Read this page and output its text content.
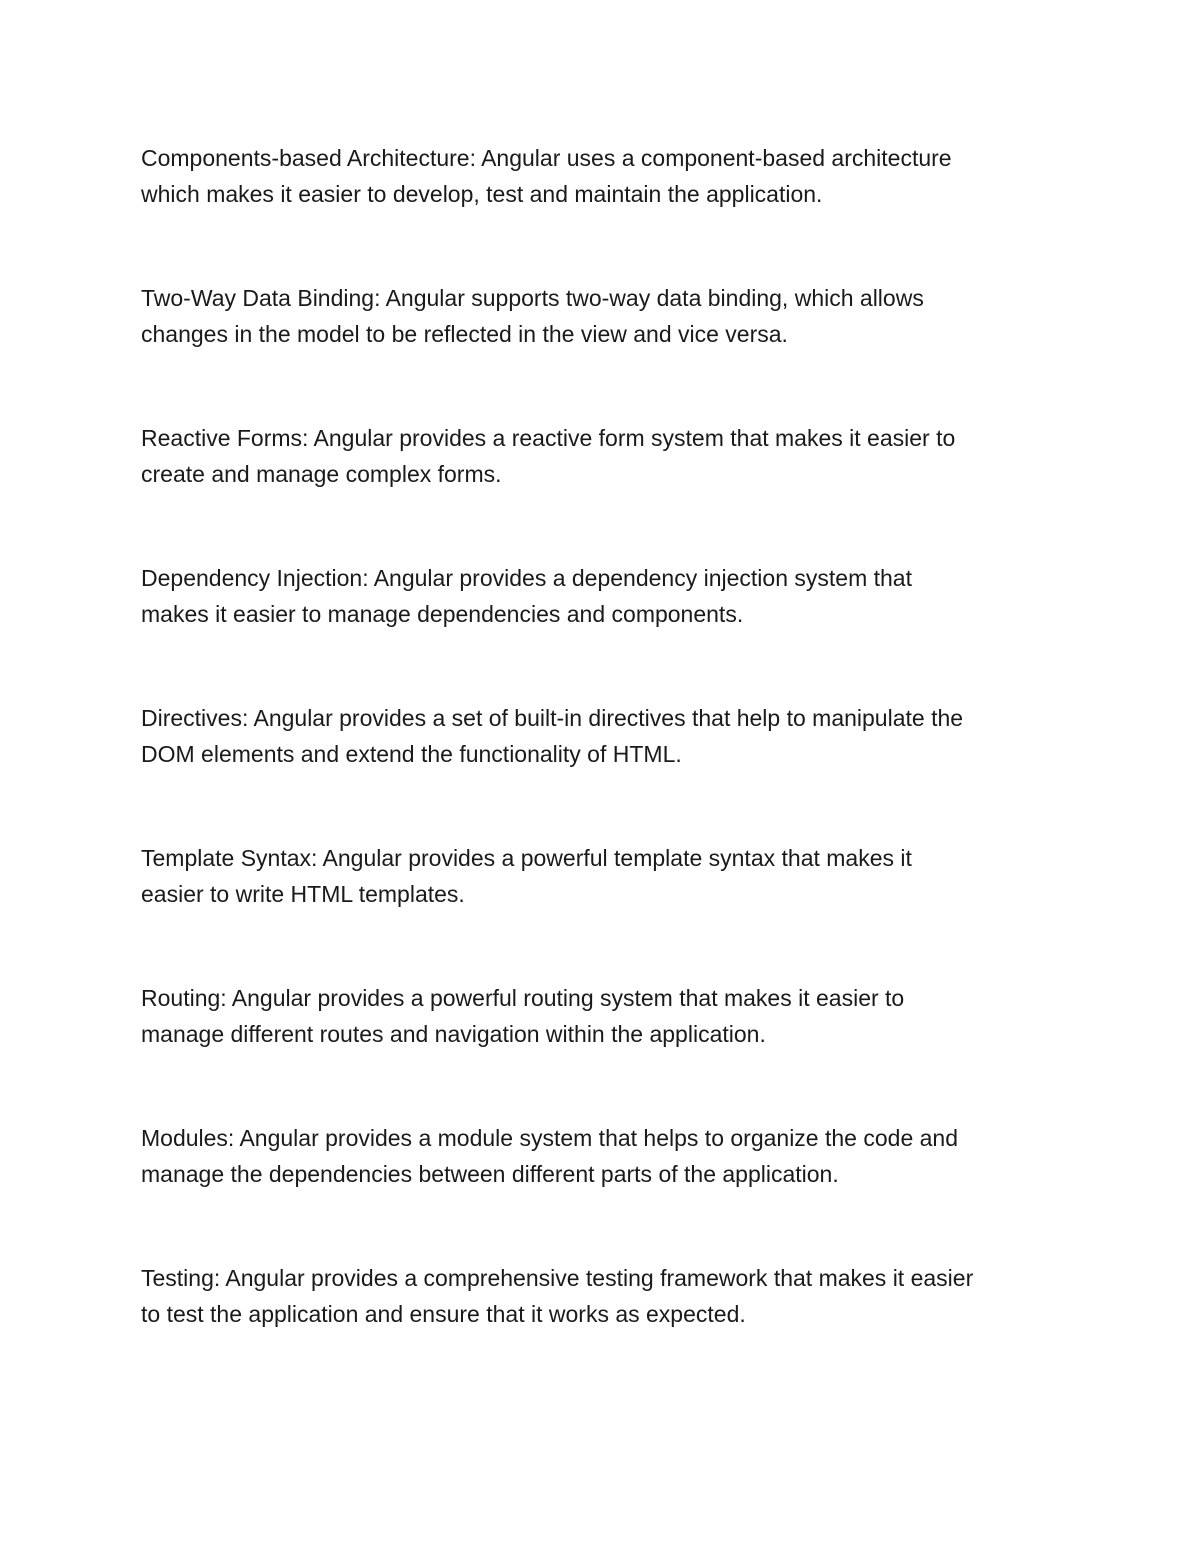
Components-based Architecture: Angular uses a component-based architecture
which makes it easier to develop, test and maintain the application.

Two-Way Data Binding: Angular supports two-way data binding, which allows
changes in the model to be reflected in the view and vice versa.

Reactive Forms: Angular provides a reactive form system that makes it easier to
create and manage complex forms.

Dependency Injection: Angular provides a dependency injection system that
makes it easier to manage dependencies and components.

Directives: Angular provides a set of built-in directives that help to manipulate the
DOM elements and extend the functionality of HTML.

Template Syntax: Angular provides a powerful template syntax that makes it
easier to write HTML templates.

Routing: Angular provides a powerful routing system that makes it easier to
manage different routes and navigation within the application.

Modules: Angular provides a module system that helps to organize the code and
manage the dependencies between different parts of the application.

Testing: Angular provides a comprehensive testing framework that makes it easier
to test the application and ensure that it works as expected.
